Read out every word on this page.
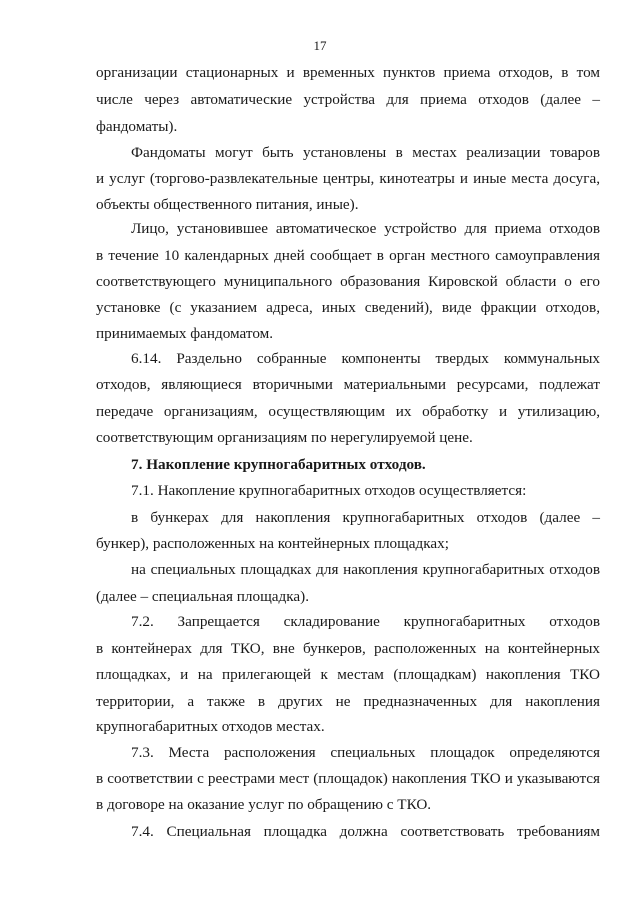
17
организации стационарных и временных пунктов приема отходов, в том
числе через автоматические устройства для приема отходов (далее –
фандоматы).
Фандоматы могут быть установлены в местах реализации товаров
и услуг (торгово-развлекательные центры, кинотеатры и иные места досуга,
объекты общественного питания, иные).
Лицо, установившее автоматическое устройство для приема отходов
в течение 10 календарных дней сообщает в орган местного самоуправления
соответствующего муниципального образования Кировской области о его
установке (с указанием адреса, иных сведений), виде фракции отходов,
принимаемых фандоматом.
6.14. Раздельно собранные компоненты твердых коммунальных
отходов, являющиеся вторичными материальными ресурсами, подлежат
передаче организациям, осуществляющим их обработку и утилизацию,
соответствующим организациям по нерегулируемой цене.
7. Накопление крупногабаритных отходов.
7.1. Накопление крупногабаритных отходов осуществляется:
в бункерах для накопления крупногабаритных отходов (далее –
бункер), расположенных на контейнерных площадках;
на специальных площадках для накопления крупногабаритных отходов
(далее – специальная площадка).
7.2. Запрещается складирование крупногабаритных отходов
в контейнерах для ТКО, вне бункеров, расположенных на контейнерных
площадках, и на прилегающей к местам (площадкам) накопления ТКО
территории, а также в других не предназначенных для накопления
крупногабаритных отходов местах.
7.3. Места расположения специальных площадок определяются
в соответствии с реестрами мест (площадок) накопления ТКО и указываются
в договоре на оказание услуг по обращению с ТКО.
7.4. Специальная площадка должна соответствовать требованиям
